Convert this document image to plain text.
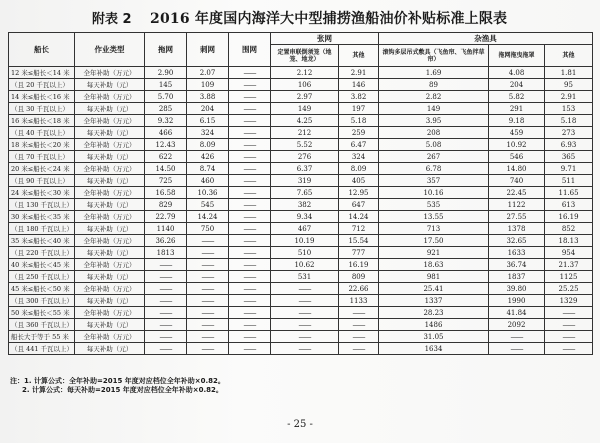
附表 2 2016 年度国内海洋大中型捕捞渔船油价补贴标准上限表
船长	作业类型	拖网	刺网	围网	张网		杂渔具		
					定置串联倒须笼（地笼、地龙）	其他	滚钩多层吊式敷具（飞鱼帘、飞鱼拌草帘）	拖网拖曳拖罩	其他
12 米≤船长＜14 米	全年补助（万元）	2.90	2.07	——	2.12	2.91	1.69	4.08	1.81
（且 20 千瓦以上）	每天补助（元）	145	109	——	106	146	89	204	95
14 米≤船长＜16 米	全年补助（万元）	5.70	3.88	——	2.97	3.82	2.82	5.82	2.91
（且 30 千瓦以上）	每天补助（元）	285	204	——	149	197	149	291	153
16 米≤船长＜18 米	全年补助（万元）	9.32	6.15	——	4.25	5.18	3.95	9.18	5.18
（且 40 千瓦以上）	每天补助（元）	466	324	——	212	259	208	459	273
18 米≤船长＜20 米	全年补助（万元）	12.43	8.09	——	5.52	6.47	5.08	10.92	6.93
（且 70 千瓦以上）	每天补助（元）	622	426	——	276	324	267	546	365
20 米≤船长＜24 米	全年补助（万元）	14.50	8.74	——	6.37	8.09	6.78	14.80	9.71
（且 90 千瓦以上）	每天补助（元）	725	460	——	319	405	357	740	511
24 米≤船长＜30 米	全年补助（万元）	16.58	10.36	——	7.65	12.95	10.16	22.45	11.65
（且 130 千瓦以上）	每天补助（元）	829	545	——	382	647	535	1122	613
30 米≤船长＜35 米	全年补助（万元）	22.79	14.24	——	9.34	14.24	13.55	27.55	16.19
（且 180 千瓦以上）	每天补助（元）	1140	750	——	467	712	713	1378	852
35 米≤船长＜40 米	全年补助（万元）	36.26	——	——	10.19	15.54	17.50	32.65	18.13
（且 220 千瓦以上）	每天补助（元）	1813	——	——	510	777	921	1633	954
40 米≤船长＜45 米	全年补助（万元）	——	——	——	10.62	16.19	18.63	36.74	21.37
（且 250 千瓦以上）	每天补助（元）	——	——	——	531	809	981	1837	1125
45 米≤船长＜50 米	全年补助（万元）	——	——	——	——	22.66	25.41	39.80	25.25
（且 300 千瓦以上）	每天补助（元）	——	——	——	——	1133	1337	1990	1329
50 米≤船长＜55 米	全年补助（万元）	——	——	——	——	——	28.23	41.84	——
（且 360 千瓦以上）	每天补助（元）	——	——	——	——	——	1486	2092	——
船长大于等于 55 米	全年补助（万元）	——	——	——	——	——	31.05	——	——
（且 441 千瓦以上）	每天补助（元）	——	——	——	——	——	1634	——	——
注：1. 计算公式：全年补助=2015 年度对应档位全年补助×0.82。
2. 计算公式：每天补助=2015 年度对应档位全年补助×0.82。
- 25 -
